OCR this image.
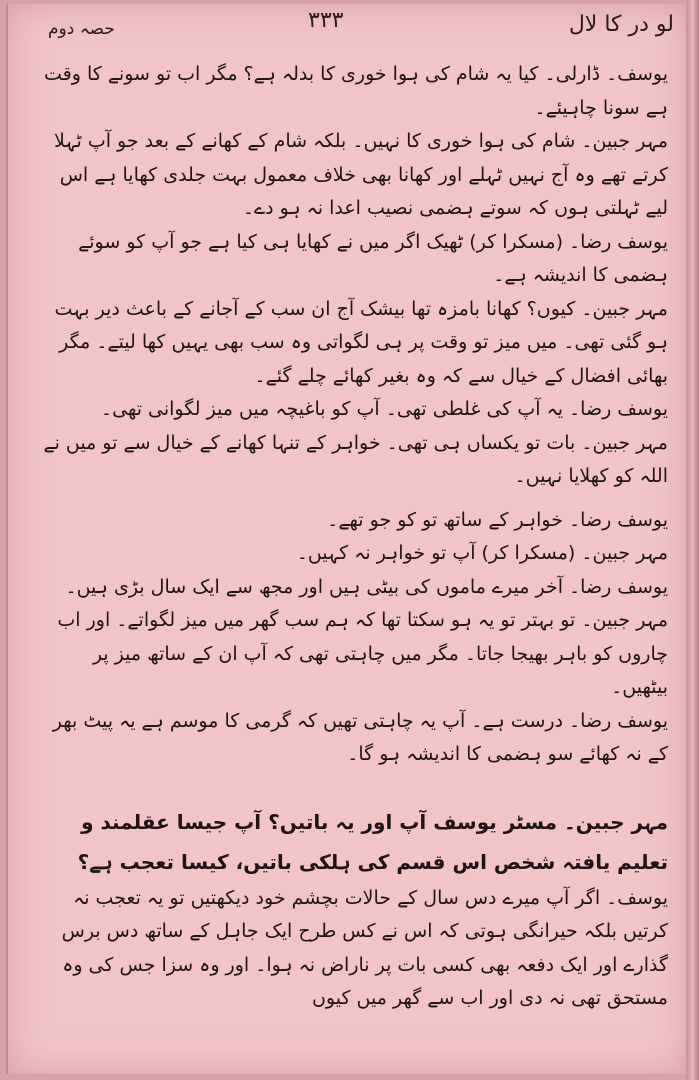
لو در کا لال
۳۳۳
حصہ دوم

یوسف۔ ڈارلی۔ کیا یہ شام کی ہوا خوری کا بدلہ ہے؟ مگر اب تو سونے کا وقت ہے سونا چاہیئے۔

مہر جبین۔ شام کی ہوا خوری کا نہیں۔ بلکہ شام کے کھانے کے بعد جو آپ ٹہلا کرتے تھے وہ آج نہیں ٹہلے اور کھانا بھی خلاف معمول بہت جلدی کھایا ہے اس لیے ٹہلتی ہوں کہ سوتے ہضمی نصیب اعدا نہ ہو دے۔

یوسف رضا۔ (مسکرا کر) ٹھیک اگر میں نے کھایا ہی کیا ہے جو آپ کو سوئے ہضمی کا اندیشہ ہے۔

مہر جبین۔ کیوں؟ کھانا بامزہ تھا بیشک آج ان سب کے آجانے کے باعث دیر بہت ہو گئی تھی۔ میں میز تو وقت پر ہی لگواتی وہ سب بھی یہیں کھا لیتے۔ مگر بھائی افضال کے خیال سے کہ وہ بغیر کھائے چلے گئے۔

یوسف رضا۔ یہ آپ کی غلطی تھی۔ آپ کو باغیچہ میں میز لگوانی تھی۔

مہر جبین۔ بات تو یکساں ہی تھی۔ خواہر کے تنہا کھانے کے خیال سے تو میں نے اللہ کو کھلایا نہیں۔

یوسف رضا۔ خواہر کے ساتھ تو کو جو تھے۔

مہر جبین۔ (مسکرا کر) آپ تو خواہر نہ کہیں۔

یوسف رضا۔ آخر میرے ماموں کی بیٹی ہیں اور مجھ سے ایک سال بڑی ہیں۔

مہر جبین۔ تو بہتر تو یہ ہو سکتا تھا کہ ہم سب گھر میں میز لگواتے۔ اور اب چاروں کو باہر بھیجا جاتا۔ مگر میں چاہتی تھی کہ آپ ان کے ساتھ میز پر بیٹھیں۔

یوسف رضا۔ درست ہے۔ آپ یہ چاہتی تھیں کہ گرمی کا موسم ہے یہ پیٹ بھر کے نہ کھائے سو ہضمی کا اندیشہ ہو گا۔

مہر جبین۔ مسٹر یوسف آپ اور یہ باتیں؟ آپ جیسا عقلمند و تعلیم یافتہ شخص اس قسم کی ہلکی باتیں، کیسا تعجب ہے؟

یوسف۔ اگر آپ میرے دس سال کے حالات بچشم خود دیکھتیں تو یہ تعجب نہ کرتیں بلکہ حیرانگی ہوتی کہ اس نے کس طرح ایک جاہل کے ساتھ دس برس گذارے اور ایک دفعہ بھی کسی بات پر ناراض نہ ہوا۔ اور وہ سزا جس کی وہ مستحق تھی نہ دی اور اب سے گھر میں کیوں
